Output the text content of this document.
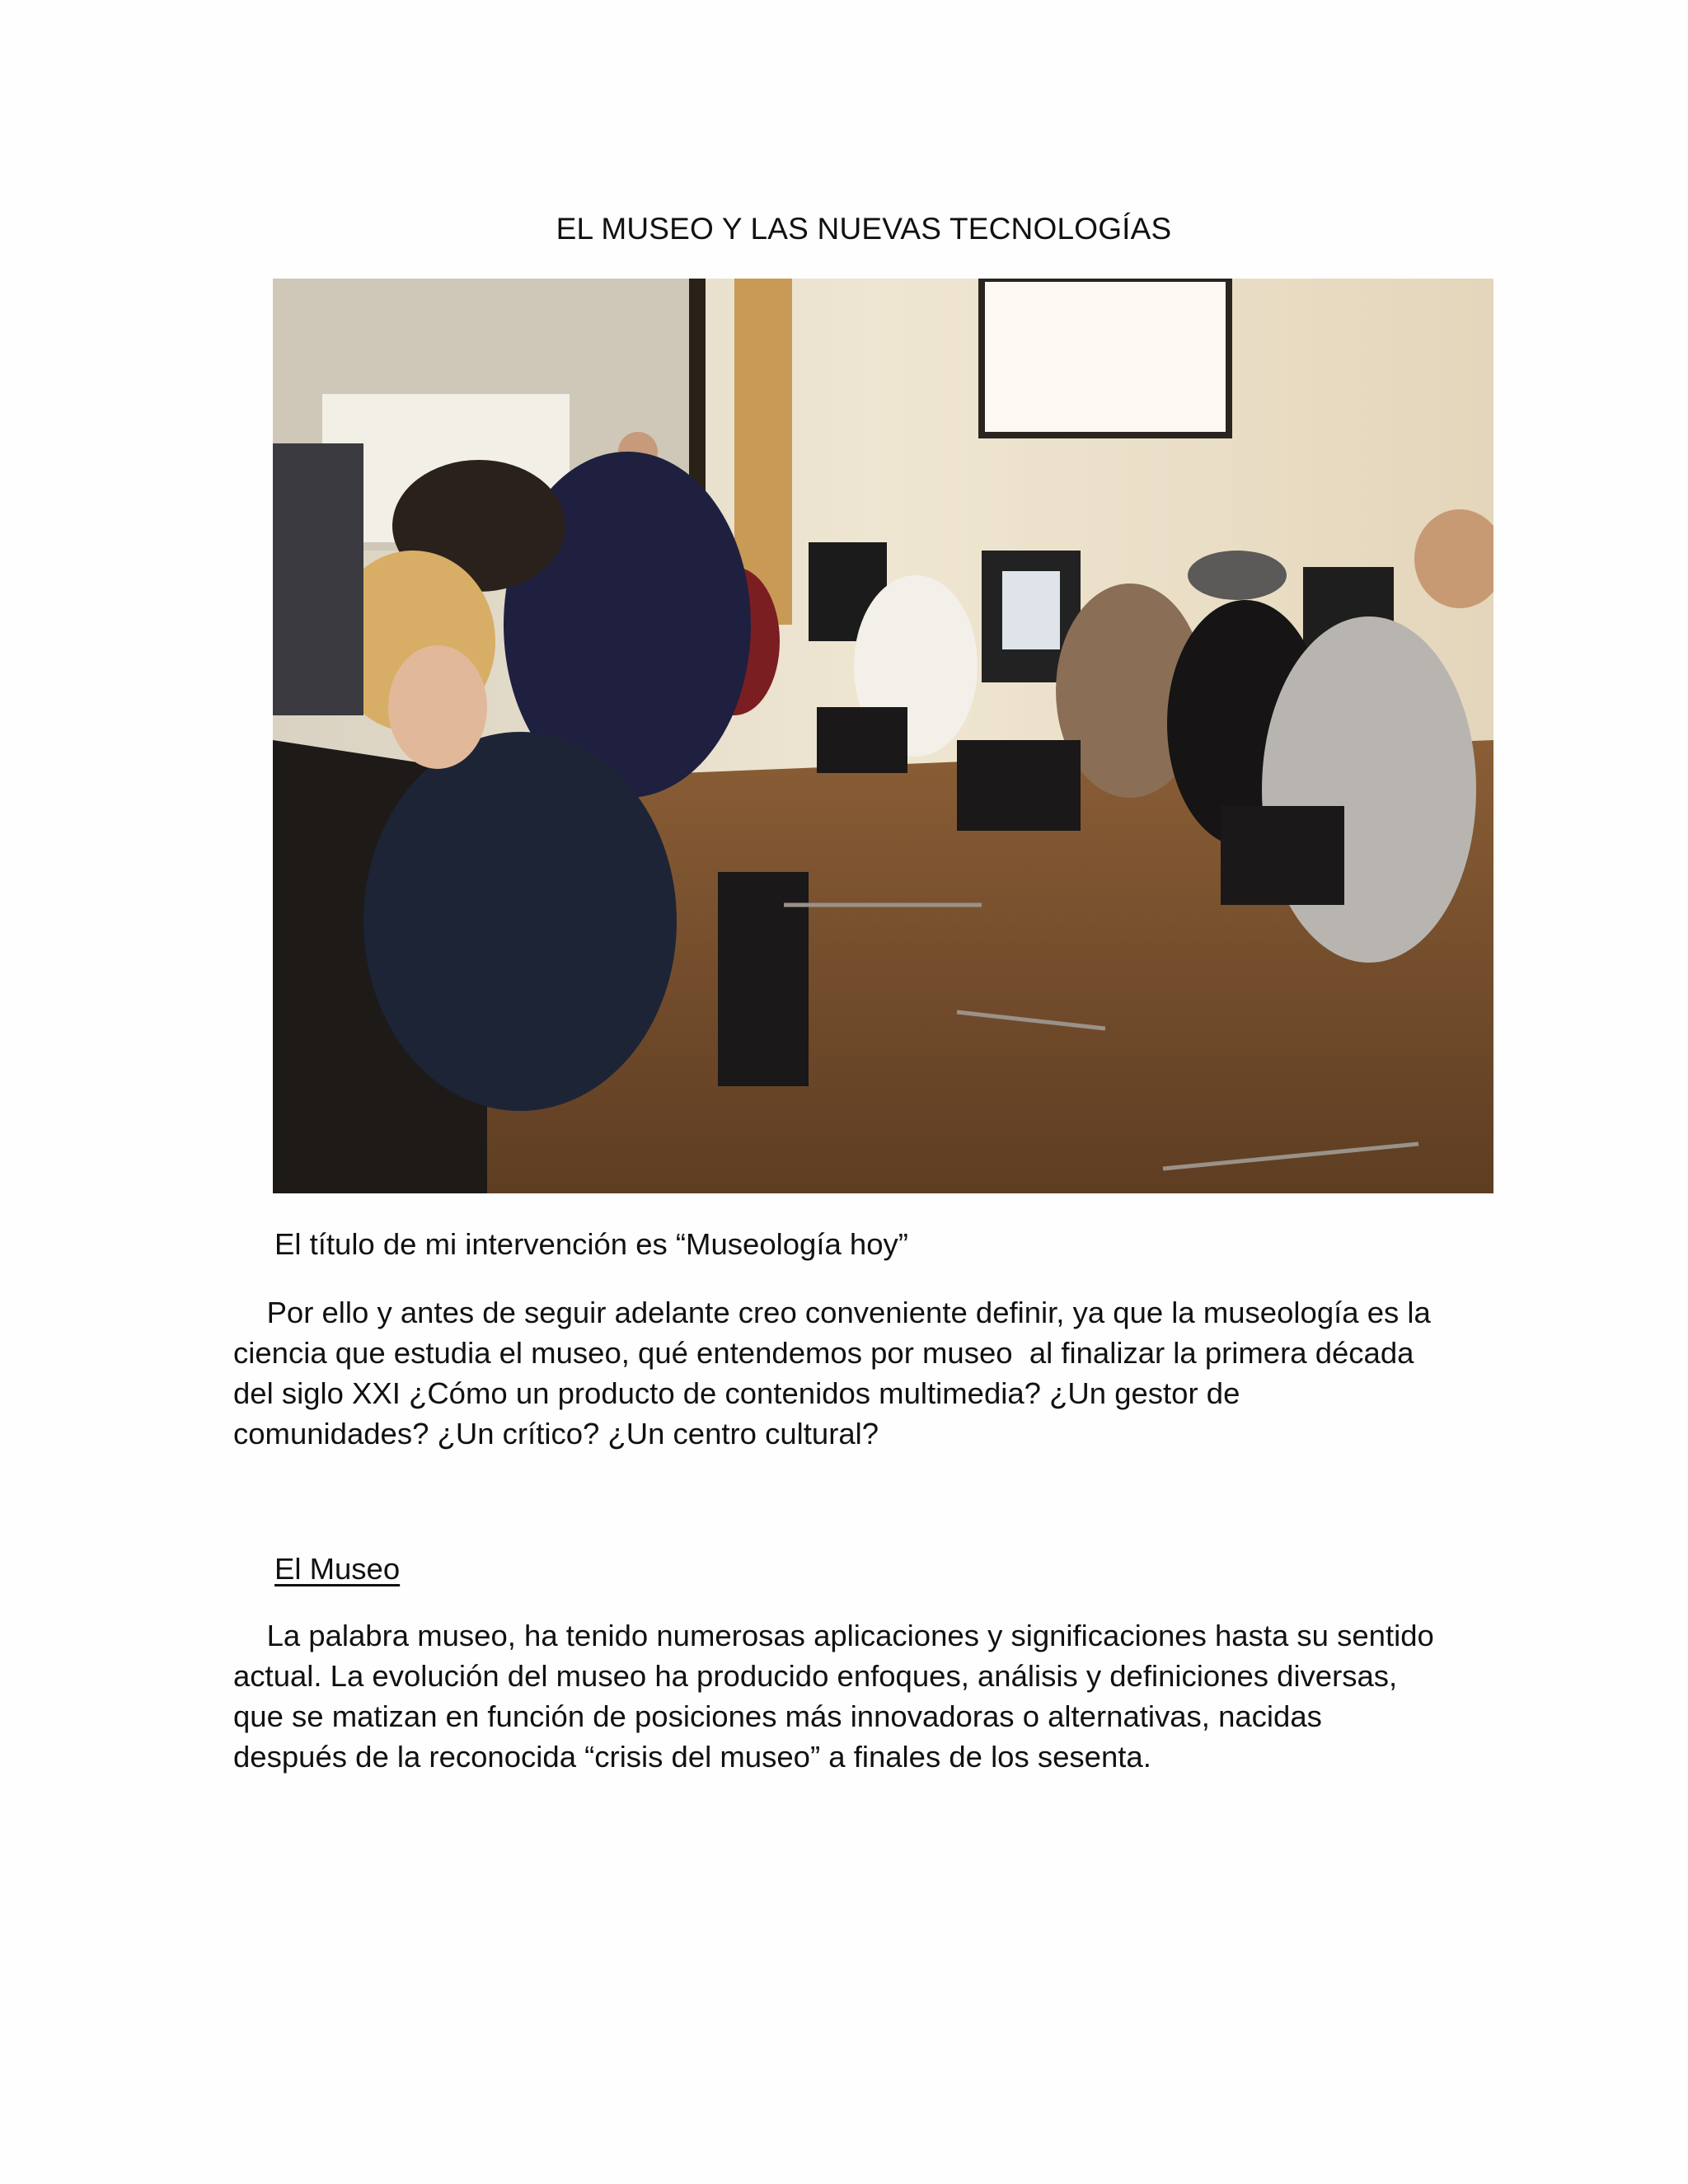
EL MUSEO Y LAS NUEVAS TECNOLOGÍAS
El título de mi intervención es “Museología hoy”
Por ello y antes de seguir adelante creo conveniente definir, ya que la museología es la
ciencia que estudia el museo, qué entendemos por museo  al finalizar la primera década
del siglo XXI ¿Cómo un producto de contenidos multimedia? ¿Un gestor de
comunidades? ¿Un crítico? ¿Un centro cultural?
El Museo
La palabra museo, ha tenido numerosas aplicaciones y significaciones hasta su sentido
actual. La evolución del museo ha producido enfoques, análisis y definiciones diversas,
que se matizan en función de posiciones más innovadoras o alternativas, nacidas
después de la reconocida “crisis del museo” a finales de los sesenta.
